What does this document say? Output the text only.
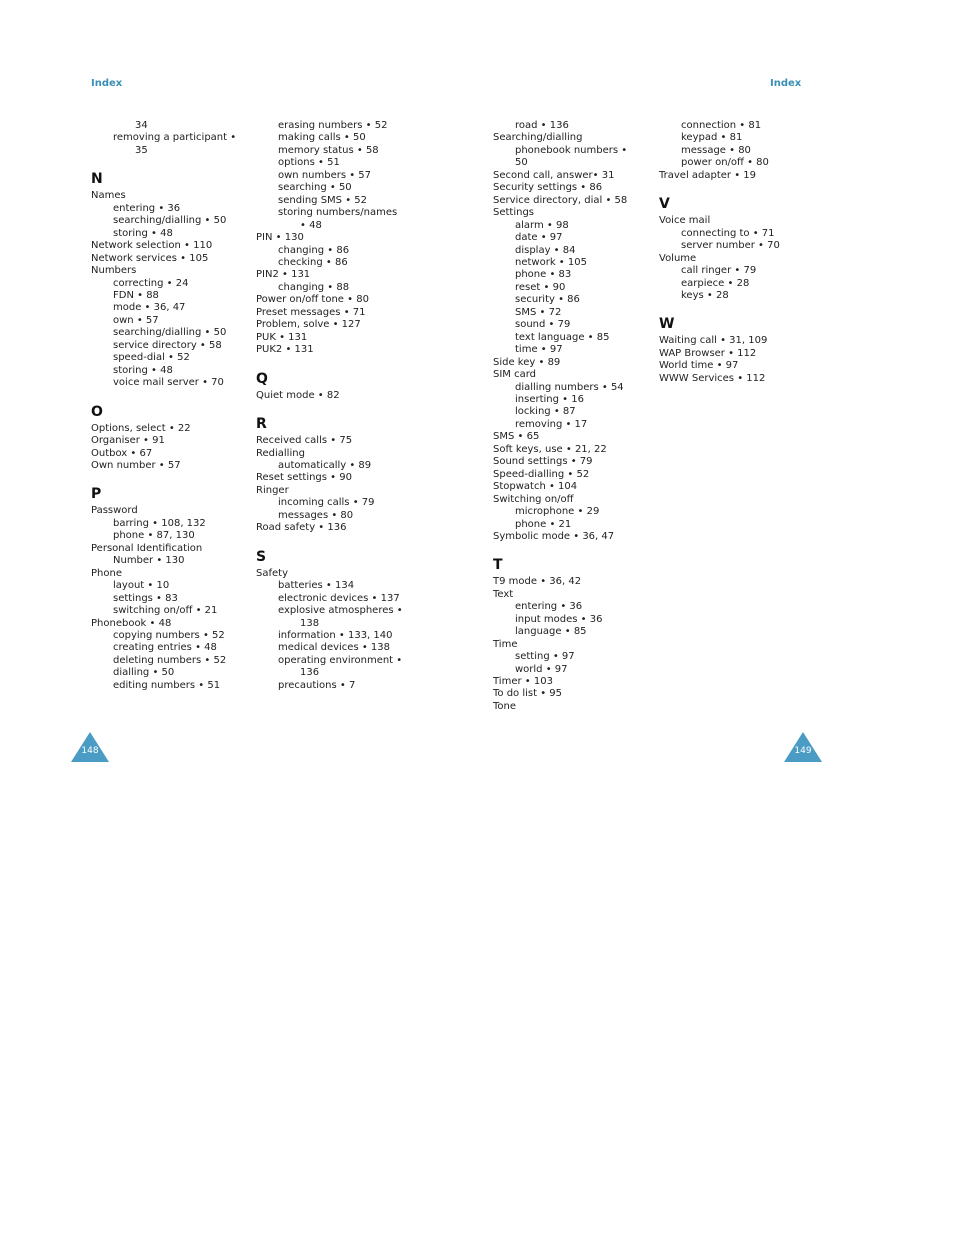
Index	Index
34
removing a participant •
35
N
Names
entering • 36
searching/dialling • 50
storing • 48
Network selection • 110
Network services • 105
Numbers
correcting • 24
FDN • 88
mode • 36, 47
own • 57
searching/dialling • 50
service directory • 58
speed-dial • 52
storing • 48
voice mail server • 70
O
Options, select • 22
Organiser • 91
Outbox • 67
Own number • 57
P
Password
barring • 108, 132
phone • 87, 130
Personal Identification
Number • 130
Phone
layout • 10
settings • 83
switching on/off • 21
Phonebook • 48
copying numbers • 52
creating entries • 48
deleting numbers • 52
dialling • 50
editing numbers • 51
erasing numbers • 52
making calls • 50
memory status • 58
options • 51
own numbers • 57
searching • 50
sending SMS • 52
storing numbers/names
• 48
PIN • 130
changing • 86
checking • 86
PIN2 • 131
changing • 88
Power on/off tone • 80
Preset messages • 71
Problem, solve • 127
PUK • 131
PUK2 • 131
Q
Quiet mode • 82
R
Received calls • 75
Redialling
automatically • 89
Reset settings • 90
Ringer
incoming calls • 79
messages • 80
Road safety • 136
S
Safety
batteries • 134
electronic devices • 137
explosive atmospheres •
138
information • 133, 140
medical devices • 138
operating environment •
136
precautions • 7
road • 136
Searching/dialling
phonebook numbers •
50
Second call, answer• 31
Security settings • 86
Service directory, dial • 58
Settings
alarm • 98
date • 97
display • 84
network • 105
phone • 83
reset • 90
security • 86
SMS • 72
sound • 79
text language • 85
time • 97
Side key • 89
SIM card
dialling numbers • 54
inserting • 16
locking • 87
removing • 17
SMS • 65
Soft keys, use • 21, 22
Sound settings • 79
Speed-dialling • 52
Stopwatch • 104
Switching on/off
microphone • 29
phone • 21
Symbolic mode • 36, 47
T
T9 mode • 36, 42
Text
entering • 36
input modes • 36
language • 85
Time
setting • 97
world • 97
Timer • 103
To do list • 95
Tone
connection • 81
keypad • 81
message • 80
power on/off • 80
Travel adapter • 19
V
Voice mail
connecting to • 71
server number • 70
Volume
call ringer • 79
earpiece • 28
keys • 28
W
Waiting call • 31, 109
WAP Browser • 112
World time • 97
WWW Services • 112
148	149
